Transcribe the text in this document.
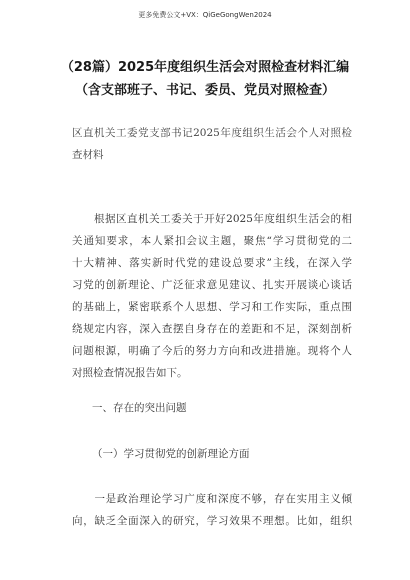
更多免费公文+VX：QiGeGongWen2024
（28篇）2025年度组织生活会对照检查材料汇编
（含支部班子、书记、委员、党员对照检查）
区直机关工委党支部书记2025年度组织生活会个人对照检
查材料
　　根据区直机关工委关于开好2025年度组织生活会的相
关通知要求，本人紧扣会议主题，聚焦“学习贯彻党的二
十大精神、落实新时代党的建设总要求”主线，在深入学
习党的创新理论、广泛征求意见建议、扎实开展谈心谈话
的基础上，紧密联系个人思想、学习和工作实际，重点围
绕规定内容，深入查摆自身存在的差距和不足，深刻剖析
问题根源，明确了今后的努力方向和改进措施。现将个人
对照检查情况报告如下。
一、存在的突出问题
（一）学习贯彻党的创新理论方面
　　一是政治理论学习广度和深度不够，存在实用主义倾
向，缺乏全面深入的研究，学习效果不理想。比如，组织
